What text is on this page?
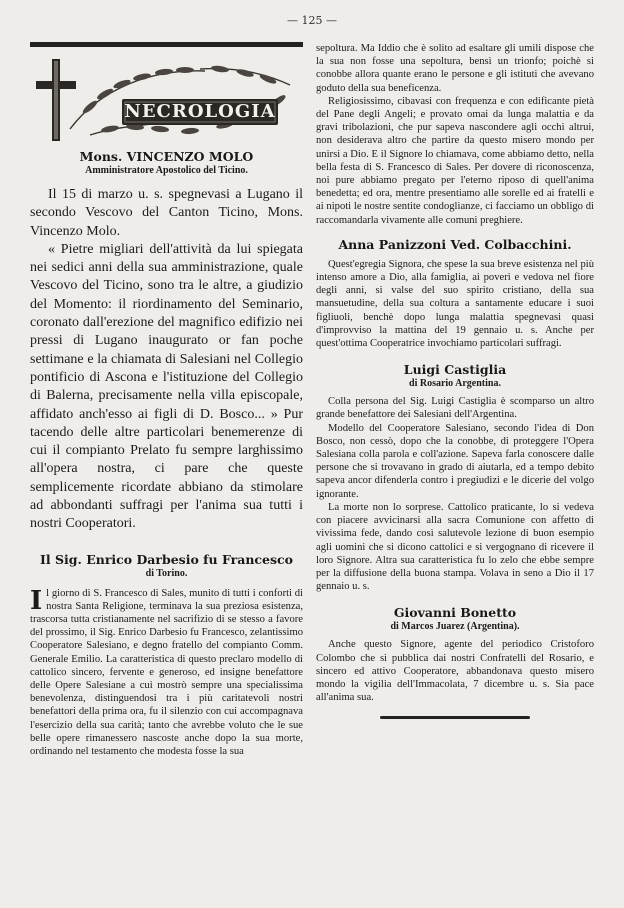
— 125 —
NECROLOGIA
Mons. VINCENZO MOLO
Amministratore Apostolico del Ticino.

Il 15 di marzo u. s. spegnevasi a Lugano il secondo Vescovo del Canton Ticino, Mons. Vincenzo Molo.

« Pietre migliari dell'attività da lui spiegata nei sedici anni della sua amministrazione, quale Vescovo del Ticino, sono tra le altre, a giudizio del Momento: il riordinamento del Seminario, coronato dall'erezione del magnifico edifizio nei pressi di Lugano inaugurato or fan poche settimane e la chiamata di Salesiani nel Collegio pontificio di Ascona e l'istituzione del Collegio di Balerna, precisamente nella villa episcopale, affidato anch'esso ai figli di D. Bosco... » Pur tacendo delle altre particolari benemerenze di cui il compianto Prelato fu sempre larghissimo all'opera nostra, ci pare che queste semplicemente ricordate abbiano da stimolare ad abbondanti suffragi per l'anima sua tutti i nostri Cooperatori.

Il Sig. Enrico Darbesio fu Francesco
di Torino.
I l giorno di S. Francesco di Sales, munito di tutti i conforti di nostra Santa Religione, terminava la sua preziosa esistenza, trascorsa tutta cristianamente nel sacrifizio di se stesso a favore del prossimo, il Sig. Enrico Darbesio fu Francesco, zelantissimo Cooperatore Salesiano, e degno fratello del compianto Comm. Generale Emilio. La caratteristica di questo preclaro modello di cattolico sincero, fervente e generoso, ed insigne benefattore delle Opere Salesiane a cui mostrò sempre una specialissima benevolenza, distinguendosi tra i più caritatevoli nostri benefattori della prima ora, fu il silenzio con cui accompagnava l'esercizio della sua carità; tanto che avrebbe voluto che le sue belle opere rimanessero nascoste anche dopo la sua morte, ordinando nel testamento che modesta fosse la sua

sepoltura. Ma Iddio che è solito ad esaltare gli umili dispose che la sua non fosse una sepoltura, bensì un trionfo; poichè si conobbe allora quante erano le persone e gli istituti che avevano goduto della sua beneficenza.

Religiosissimo, cibavasi con frequenza e con edificante pietà del Pane degli Angeli; e provato omai da lunga malattia e da gravi tribolazioni, che pur sapeva nascondere agli occhi altrui, non desiderava altro che partire da questo misero mondo per unirsi a Dio. E il Signore lo chiamava, come abbiamo detto, nella bella festa di S. Francesco di Sales. Per dovere di riconoscenza, noi pure abbiamo pregato per l'eterno riposo di quell'anima benedetta; ed ora, mentre presentiamo alle sorelle ed ai fratelli e ai nipoti le nostre sentite condoglianze, ci facciamo un obbligo di raccomandarla vivamente alle comuni preghiere.

Anna Panizzoni Ved. Colbacchini.

Quest'egregia Signora, che spese la sua breve esistenza nel più intenso amore a Dio, alla famiglia, ai poveri e vedova nel fiore degli anni, si valse del suo spirito cristiano, della sua mansuetudine, della sua coltura a santamente educare i suoi figliuoli, benchè dopo lunga malattia spegnevasi quasi d'improvviso la mattina del 19 gennaio u. s. Anche per quest'ottima Cooperatrice invochiamo particolari suffragi.

Luigi Castiglia
di Rosario Argentina.

Colla persona del Sig. Luigi Castiglia è scomparso un altro grande benefattore dei Salesiani dell'Argentina.

Modello del Cooperatore Salesiano, secondo l'idea di Don Bosco, non cessò, dopo che la conobbe, di proteggere l'Opera Salesiana colla parola e coll'azione. Sapeva farla conoscere dalle persone che si trovavano in grado di aiutarla, ed a tempo debito sapeva ancor difenderla contro i pregiudizi e le dicerie del volgo ignorante.

La morte non lo sorprese. Cattolico praticante, lo si vedeva con piacere avvicinarsi alla sacra Comunione con affetto di vivissima fede, dando così salutevole lezione di buon esempio agli uomini che si dicono cattolici e si vergognano di ricevere il loro Signore. Altra sua caratteristica fu lo zelo che ebbe sempre per la diffusione della buona stampa. Volava in seno a Dio il 17 gennaio u. s.

Giovanni Bonetto
di Marcos Juarez (Argentina).

Anche questo Signore, agente del periodico Cristoforo Colombo che si pubblica dai nostri Confratelli del Rosario, e sincero ed attivo Cooperatore, abbandonava questo misero mondo la vigilia dell'Immacolata, 7 dicembre u. s. Sia pace all'anima sua.
